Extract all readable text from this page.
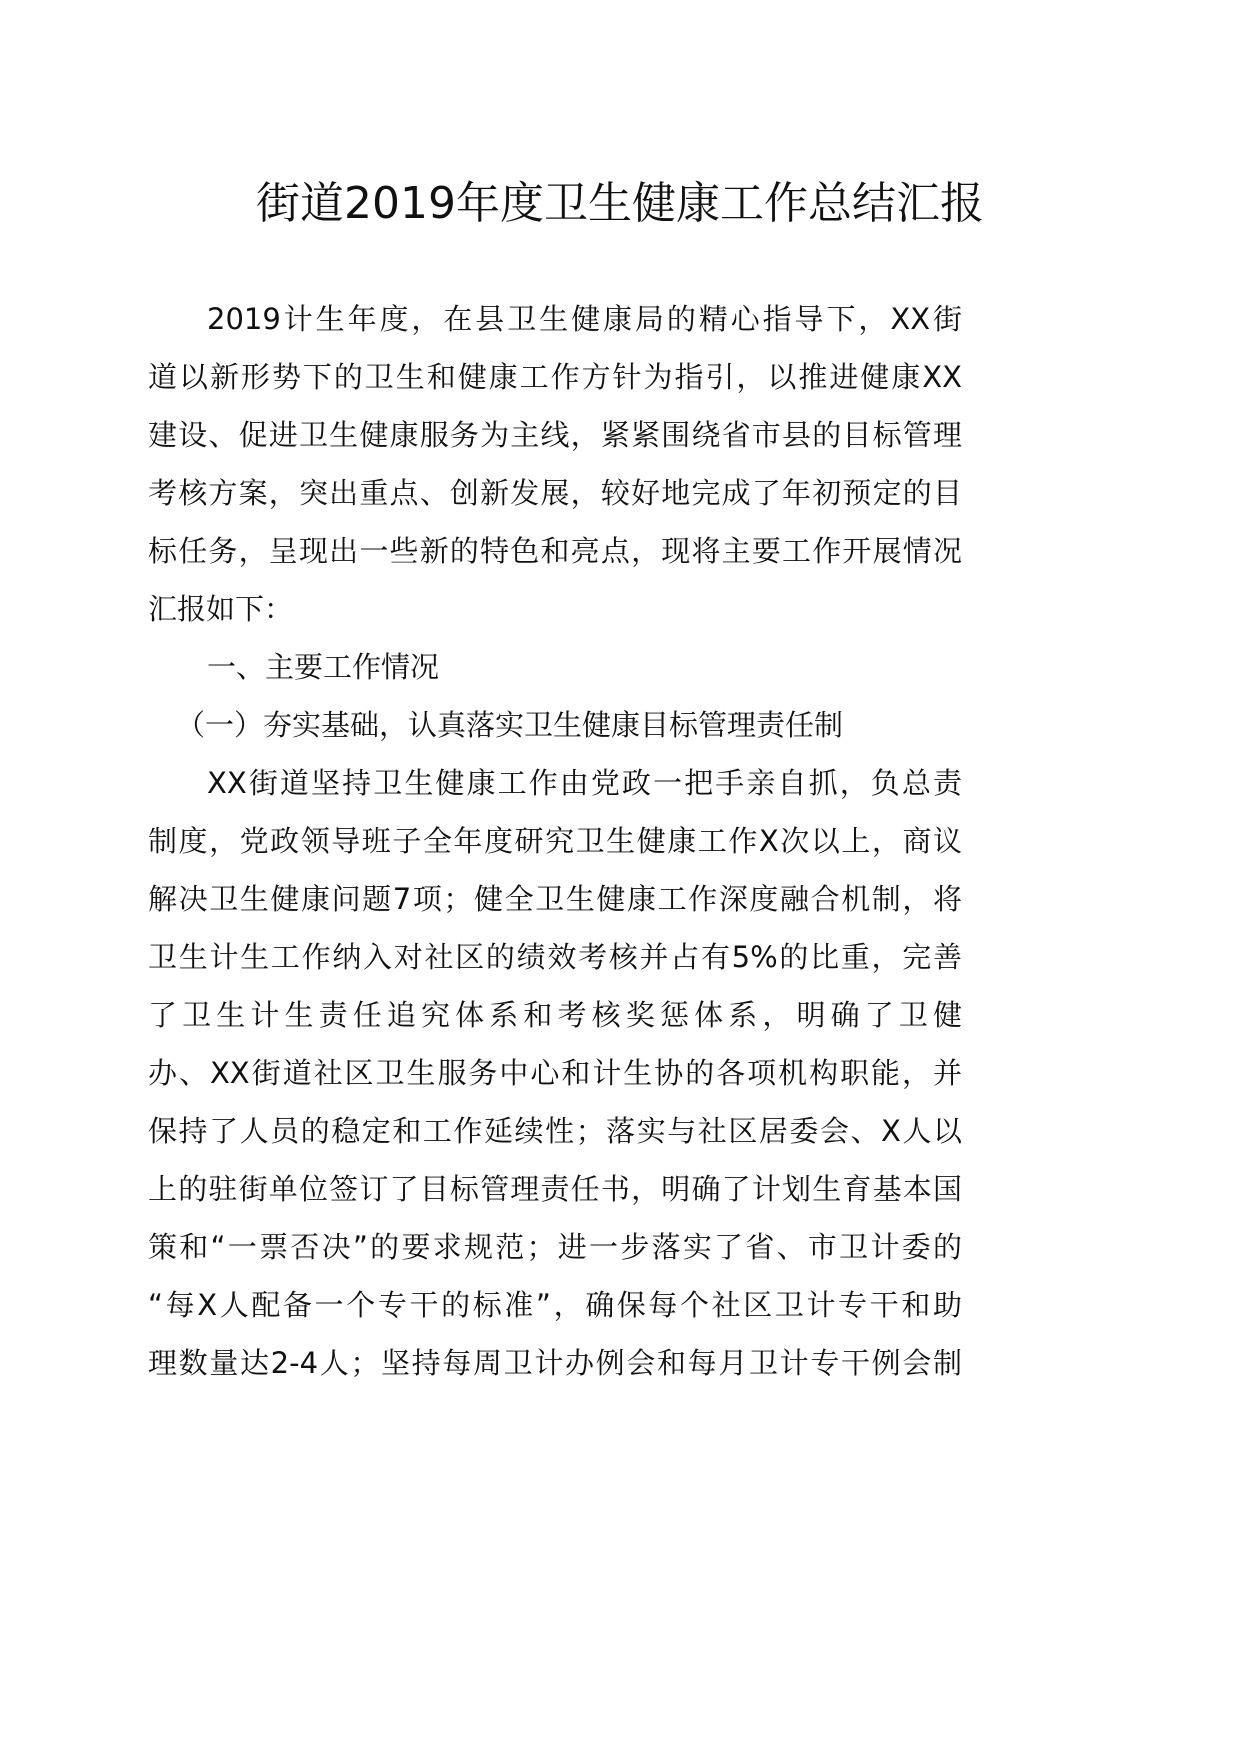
街道2019年度卫生健康工作总结汇报
2019计生年度，在县卫生健康局的精心指导下，XX街
道以新形势下的卫生和健康工作方针为指引，以推进健康XX
建设、促进卫生健康服务为主线，紧紧围绕省市县的目标管理
考核方案，突出重点、创新发展，较好地完成了年初预定的目
标任务，呈现出一些新的特色和亮点，现将主要工作开展情况
汇报如下：
一、主要工作情况
（一）夯实基础，认真落实卫生健康目标管理责任制
XX街道坚持卫生健康工作由党政一把手亲自抓，负总责
制度，党政领导班子全年度研究卫生健康工作X次以上，商议
解决卫生健康问题7项；健全卫生健康工作深度融合机制，将
卫生计生工作纳入对社区的绩效考核并占有5%的比重，完善
了卫生计生责任追究体系和考核奖惩体系，明确了卫健
办、XX街道社区卫生服务中心和计生协的各项机构职能，并
保持了人员的稳定和工作延续性；落实与社区居委会、X人以
上的驻街单位签订了目标管理责任书，明确了计划生育基本国
策和“一票否决”的要求规范；进一步落实了省、市卫计委的
“每X人配备一个专干的标准”，确保每个社区卫计专干和助
理数量达2-4人；坚持每周卫计办例会和每月卫计专干例会制
